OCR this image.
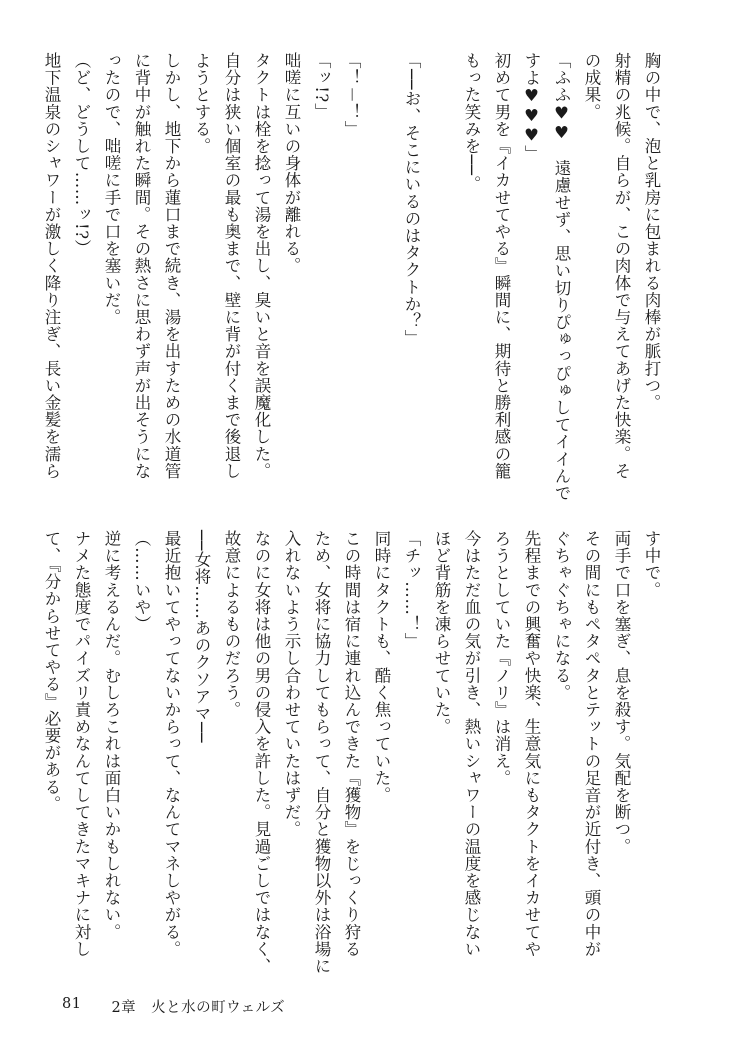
胸の中で、泡と乳房に包まれる肉棒が脈打つ。
射精の兆候。自らが、この肉体で与えてあげた快楽。そ
の成果。
「ふふ♥♥　遠慮せず、思い切りぴゅっぴゅしてイイんで
すよ♥♥♥」
初めて男を『イカせてやる』瞬間に、期待と勝利感の籠
もった笑みを──。

「──お、そこにいるのはタクトか？」

「！－！」
「ッ!?」
咄嗟に互いの身体が離れる。
タクトは栓を捻って湯を出し、臭いと音を誤魔化した。
自分は狭い個室の最も奥まで、壁に背が付くまで後退し
ようとする。
しかし、地下から蓮口まで続き、湯を出すための水道管
に背中が触れた瞬間。その熱さに思わず声が出そうにな
ったので、咄嗟に手で口を塞いだ。
（ど、どうして……ッ!?）
地下温泉のシャワーが激しく降り注ぎ、長い金髪を濡ら
す中で。
両手で口を塞ぎ、息を殺す。気配を断つ。
その間にもペタペタとテットの足音が近付き、頭の中が
ぐちゃぐちゃになる。
先程までの興奮や快楽、生意気にもタクトをイカせてや
ろうとしていた『ノリ』は消え。
今はただ血の気が引き、熱いシャワーの温度を感じない
ほど背筋を凍らせていた。
「チッ……！」
同時にタクトも、酷く焦っていた。
この時間は宿に連れ込んできた『獲物』をじっくり狩る
ため、女将に協力してもらって、自分と獲物以外は浴場に
入れないよう示し合わせていたはずだ。
なのに女将は他の男の侵入を許した。見過ごしではなく、
故意によるものだろう。
──女将……あのクソアマ──
最近抱いてやってないからって、なんてマネしやがる。
（……いや）
逆に考えるんだ。むしろこれは面白いかもしれない。
ナメた態度でパイズリ責めなんてしてきたマキナに対し
て、『分からせてやる』必要がある。
81 2章　火と水の町ウェルズ
